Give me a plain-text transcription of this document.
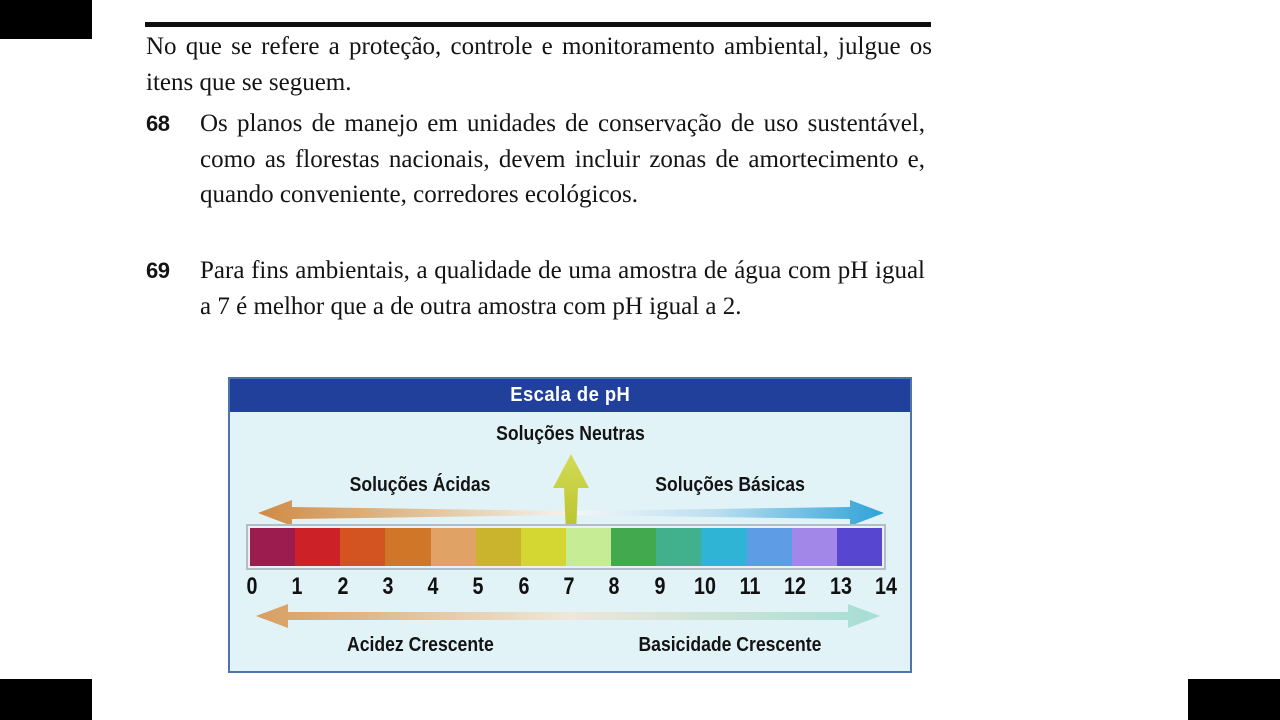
No que se refere a proteção, controle e monitoramento ambiental, julgue os itens que se seguem.
68	Os planos de manejo em unidades de conservação de uso sustentável, como as florestas nacionais, devem incluir zonas de amortecimento e, quando conveniente, corredores ecológicos.
69	Para fins ambientais, a qualidade de uma amostra de água com pH igual a 7 é melhor que a de outra amostra com pH igual a 2.
Escala de pH
Soluções Neutras
Soluções Ácidas	Soluções Básicas
0 1 2 3 4 5 6 7 8 9 10 11 12 13 14
Acidez Crescente	Basicidade Crescente
